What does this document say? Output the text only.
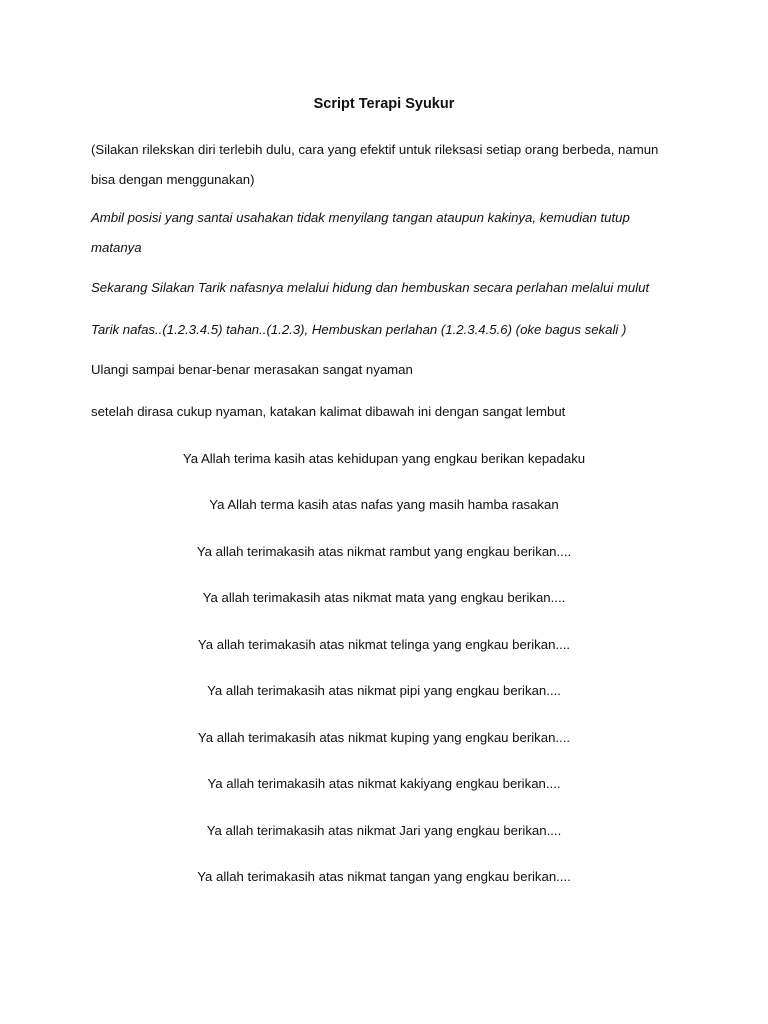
Script Terapi Syukur
(Silakan rilekskan diri terlebih dulu, cara yang efektif untuk rileksasi setiap orang berbeda, namun bisa dengan menggunakan)
Ambil posisi yang santai usahakan tidak menyilang tangan ataupun kakinya, kemudian tutup matanya
Sekarang Silakan Tarik nafasnya melalui hidung dan hembuskan secara perlahan melalui mulut
Tarik nafas..(1.2.3.4.5) tahan..(1.2.3), Hembuskan perlahan (1.2.3.4.5.6) (oke bagus sekali )
Ulangi sampai benar-benar merasakan sangat nyaman
setelah dirasa cukup nyaman, katakan kalimat dibawah ini dengan sangat lembut
Ya Allah terima kasih atas kehidupan yang engkau berikan kepadaku
Ya Allah terma kasih atas nafas yang masih hamba rasakan
Ya allah terimakasih atas nikmat rambut yang engkau berikan....
Ya allah terimakasih atas nikmat mata yang engkau berikan....
Ya allah terimakasih atas nikmat telinga yang engkau berikan....
Ya allah terimakasih atas nikmat pipi yang engkau berikan....
Ya allah terimakasih atas nikmat kuping yang engkau berikan....
Ya allah terimakasih atas nikmat kakiyang engkau berikan....
Ya allah terimakasih atas nikmat Jari yang engkau berikan....
Ya allah terimakasih atas nikmat tangan yang engkau berikan....
